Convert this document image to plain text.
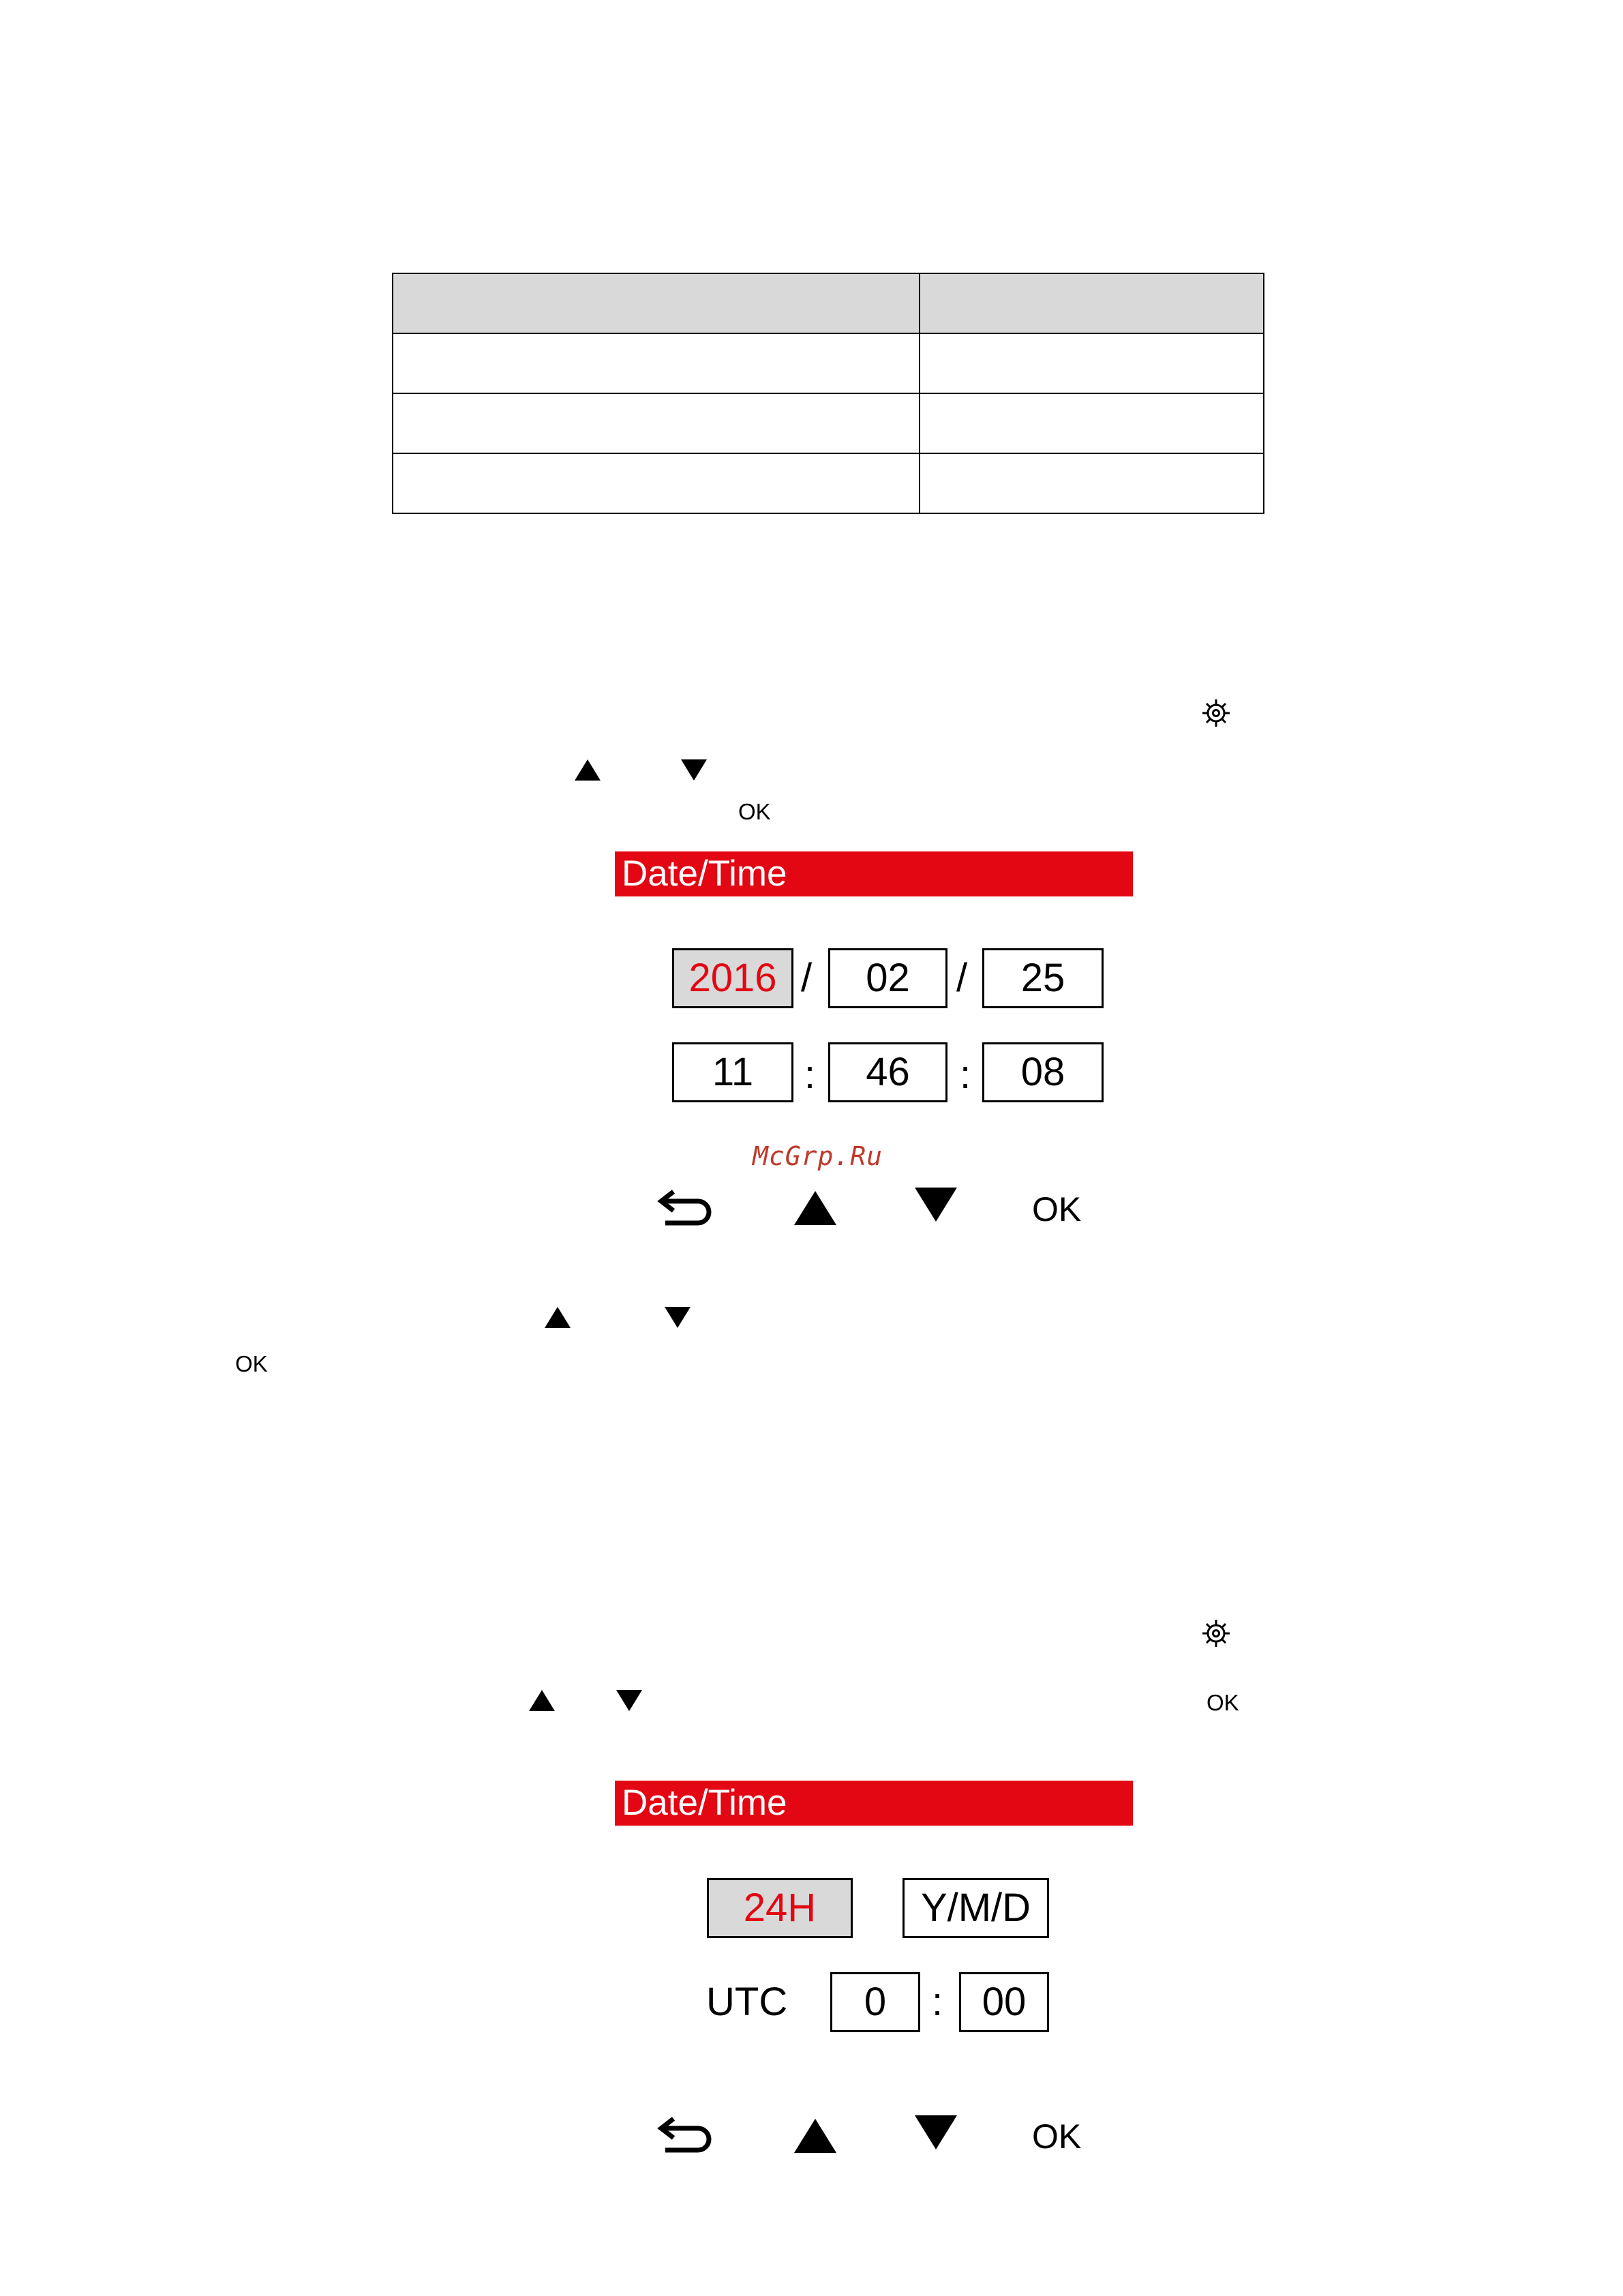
OK
Date/Time
2016 /	02	/	25
11	:	46	:	08
McGrp.Ru
OK
OK
OK
Date/Time
24H	Y/M/D
UTC	0	: 00
OK
